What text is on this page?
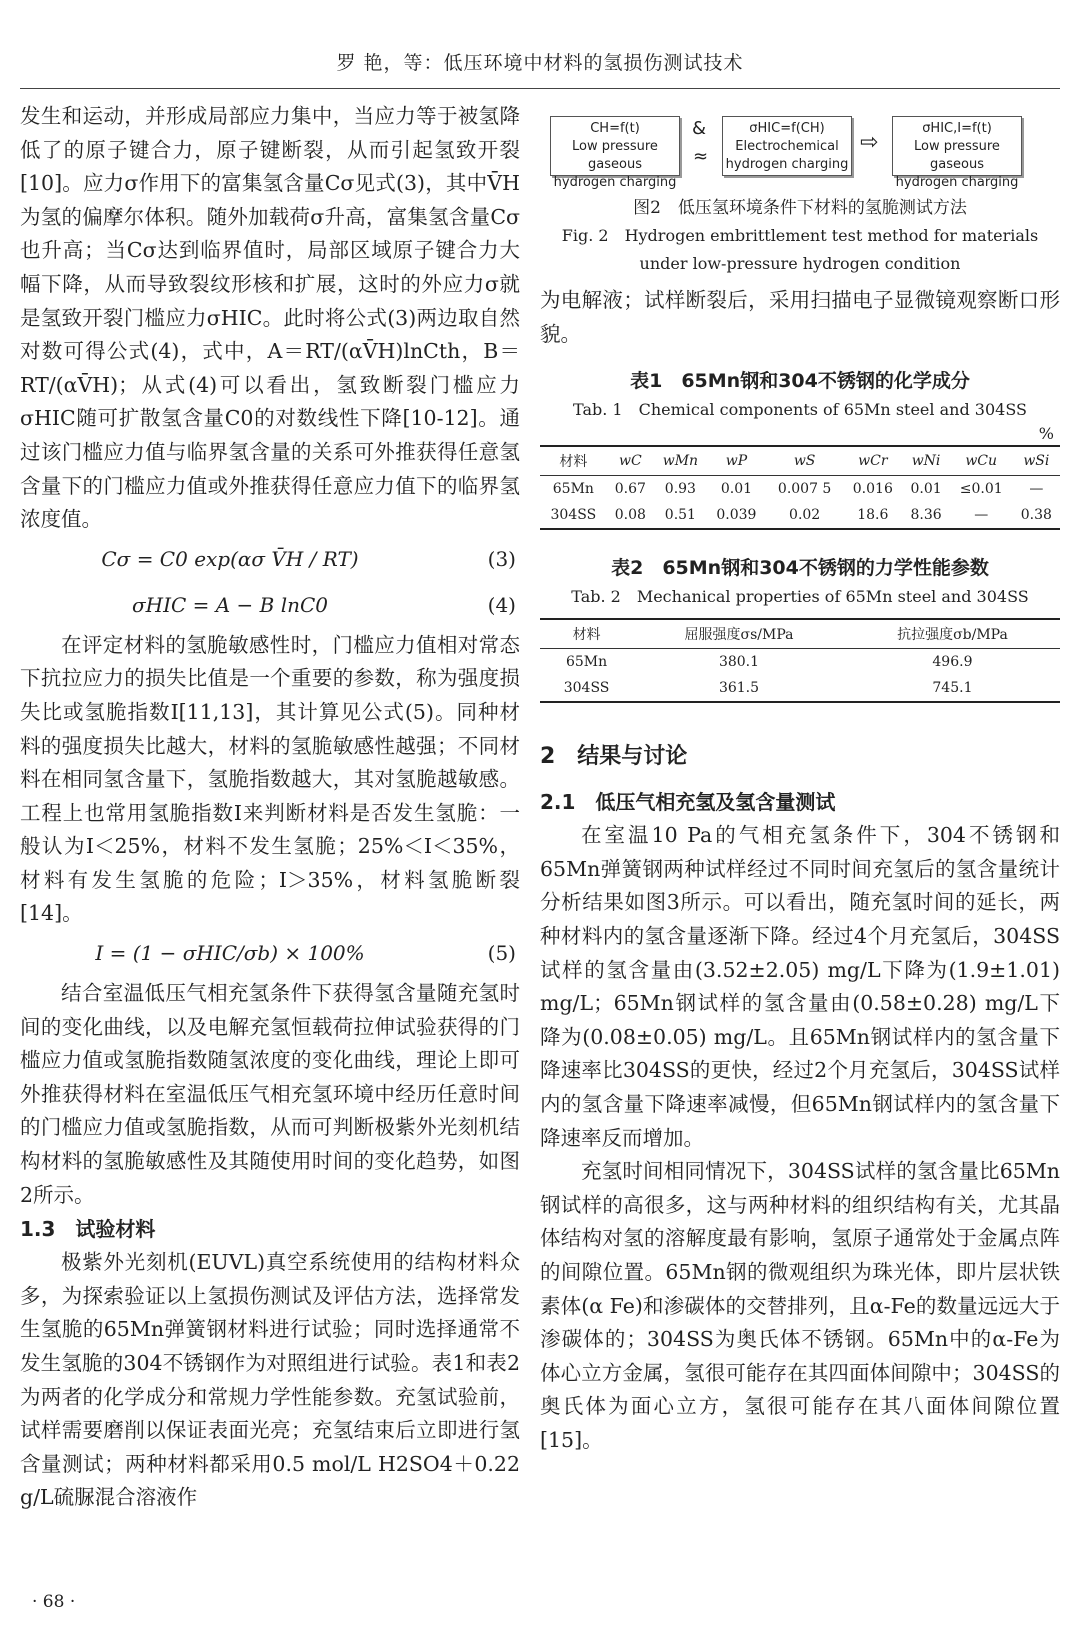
罗 艳，等：低压环境中材料的氢损伤测试技术

发生和运动，并形成局部应力集中，当应力等于被氢降低了的原子键合力，原子键断裂，从而引起氢致开裂[10]。应力σ作用下的富集氢含量Cσ见式(3)，其中V̄H为氢的偏摩尔体积。随外加载荷σ升高，富集氢含量Cσ也升高；当Cσ达到临界值时，局部区域原子键合力大幅下降，从而导致裂纹形核和扩展，这时的外应力σ就是氢致开裂门槛应力σHIC。此时将公式(3)两边取自然对数可得公式(4)，式中，A＝RT/(αV̄H)lnCth，B＝RT/(αV̄H)；从式(4)可以看出，氢致断裂门槛应力σHIC随可扩散氢含量C0的对数线性下降[10-12]。通过该门槛应力值与临界氢含量的关系可外推获得任意氢含量下的门槛应力值或外推获得任意应力值下的临界氢浓度值。

Cσ = C0 exp(ασ V̄H / RT)	(3)
σHIC = A − B lnC0	(4)

在评定材料的氢脆敏感性时，门槛应力值相对常态下抗拉应力的损失比值是一个重要的参数，称为强度损失比或氢脆指数I[11,13]，其计算见公式(5)。同种材料的强度损失比越大，材料的氢脆敏感性越强；不同材料在相同氢含量下，氢脆指数越大，其对氢脆越敏感。工程上也常用氢脆指数I来判断材料是否发生氢脆：一般认为I＜25%，材料不发生氢脆；25%＜I＜35%，材料有发生氢脆的危险；I＞35%，材料氢脆断裂[14]。

I = (1 − σHIC/σb) × 100%	(5)

结合室温低压气相充氢条件下获得氢含量随充氢时间的变化曲线，以及电解充氢恒载荷拉伸试验获得的门槛应力值或氢脆指数随氢浓度的变化曲线，理论上即可外推获得材料在室温低压气相充氢环境中经历任意时间的门槛应力值或氢脆指数，从而可判断极紫外光刻机结构材料的氢脆敏感性及其随使用时间的变化趋势，如图2所示。

1.3　试验材料

极紫外光刻机(EUVL)真空系统使用的结构材料众多，为探索验证以上氢损伤测试及评估方法，选择常发生氢脆的65Mn弹簧钢材料进行试验；同时选择通常不发生氢脆的304不锈钢作为对照组进行试验。表1和表2为两者的化学成分和常规力学性能参数。充氢试验前，试样需要磨削以保证表面光亮；充氢结束后立即进行氢含量测试；两种材料都采用0.5 mol/L H2SO4＋0.22 g/L硫脲混合溶液作

CH=f(t)
Low pressure gaseous
hydrogen charging
&
≈
σHIC=f(CH)
Electrochemical
hydrogen charging
⇨
σHIC,I=f(t)
Low pressure gaseous
hydrogen charging
图2　低压氢环境条件下材料的氢脆测试方法
Fig. 2　Hydrogen embrittlement test method for materials
under low-pressure hydrogen condition

为电解液；试样断裂后，采用扫描电子显微镜观察断口形貌。

表1　65Mn钢和304不锈钢的化学成分
Tab. 1　Chemical components of 65Mn steel and 304SS
%
材料	wC	wMn	wP	wS	wCr	wNi	wCu	wSi
65Mn	0.67	0.93	0.01	0.007 5	0.016	0.01	≤0.01	—
304SS	0.08	0.51	0.039	0.02	18.6	8.36	—	0.38
表2　65Mn钢和304不锈钢的力学性能参数
Tab. 2　Mechanical properties of 65Mn steel and 304SS
材料	屈服强度σs/MPa	抗拉强度σb/MPa
65Mn	380.1	496.9
304SS	361.5	745.1

2　结果与讨论

2.1　低压气相充氢及氢含量测试

在室温10 Pa的气相充氢条件下，304不锈钢和65Mn弹簧钢两种试样经过不同时间充氢后的氢含量统计分析结果如图3所示。可以看出，随充氢时间的延长，两种材料内的氢含量逐渐下降。经过4个月充氢后，304SS试样的氢含量由(3.52±2.05) mg/L下降为(1.9±1.01) mg/L；65Mn钢试样的氢含量由(0.58±0.28) mg/L下降为(0.08±0.05) mg/L。且65Mn钢试样内的氢含量下降速率比304SS的更快，经过2个月充氢后，304SS试样内的氢含量下降速率减慢，但65Mn钢试样内的氢含量下降速率反而增加。

充氢时间相同情况下，304SS试样的氢含量比65Mn钢试样的高很多，这与两种材料的组织结构有关，尤其晶体结构对氢的溶解度最有影响，氢原子通常处于金属点阵的间隙位置。65Mn钢的微观组织为珠光体，即片层状铁素体(α Fe)和渗碳体的交替排列，且α-Fe的数量远远大于渗碳体的；304SS为奥氏体不锈钢。65Mn中的α-Fe为体心立方金属，氢很可能存在其四面体间隙中；304SS的奥氏体为面心立方，氢很可能存在其八面体间隙位置[15]。

· 68 ·
